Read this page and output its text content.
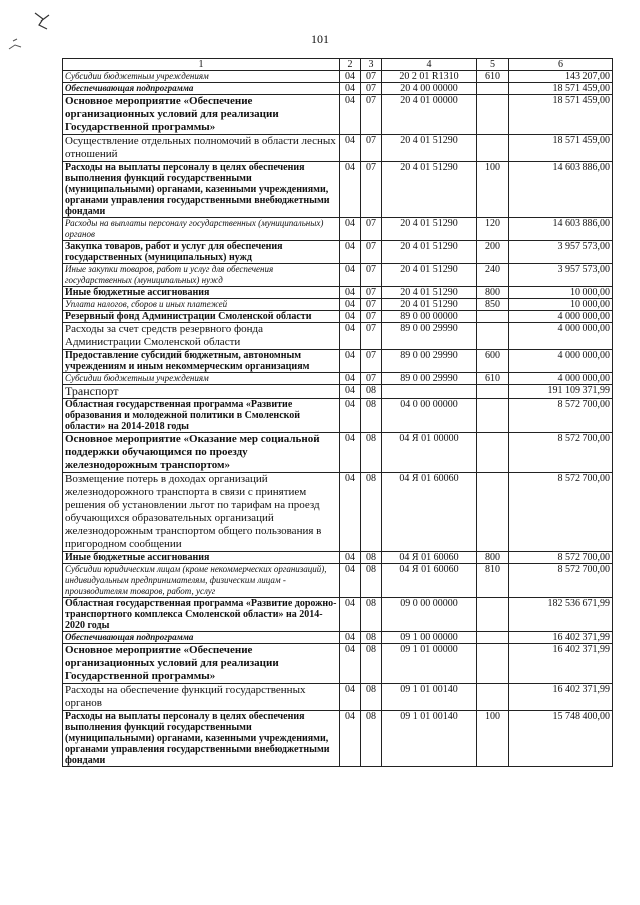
101
1	2	3	4	5	6
Субсидии бюджетным учреждениям	04	07	20 2 01 R1310	610	143 207,00
Обеспечивающая подпрограмма	04	07	20 4 00 00000		18 571 459,00
Основное мероприятие «Обеспечение организационных условий для реализации Государственной программы»	04	07	20 4 01 00000		18 571 459,00
Осуществление отдельных полномочий в области лесных отношений	04	07	20 4 01 51290		18 571 459,00
Расходы на выплаты персоналу в целях обеспечения выполнения функций государственными (муниципальными) органами, казенными учреждениями, органами управления государственными внебюджетными фондами	04	07	20 4 01 51290	100	14 603 886,00
Расходы на выплаты персоналу государственных (муниципальных) органов	04	07	20 4 01 51290	120	14 603 886,00
Закупка товаров, работ и услуг для обеспечения государственных (муниципальных) нужд	04	07	20 4 01 51290	200	3 957 573,00
Иные закупки товаров, работ и услуг для обеспечения государственных (муниципальных) нужд	04	07	20 4 01 51290	240	3 957 573,00
Иные бюджетные ассигнования	04	07	20 4 01 51290	800	10 000,00
Уплата налогов, сборов и иных платежей	04	07	20 4 01 51290	850	10 000,00
Резервный фонд Администрации Смоленской области	04	07	89 0 00 00000		4 000 000,00
Расходы за счет средств резервного фонда Администрации Смоленской области	04	07	89 0 00 29990		4 000 000,00
Предоставление субсидий бюджетным, автономным учреждениям и иным некоммерческим организациям	04	07	89 0 00 29990	600	4 000 000,00
Субсидии бюджетным учреждениям	04	07	89 0 00 29990	610	4 000 000,00
Транспорт	04	08			191 109 371,99
Областная государственная программа «Развитие образования и молодежной политики в Смоленской области» на 2014-2018 годы	04	08	04 0 00 00000		8 572 700,00
Основное мероприятие «Оказание мер социальной поддержки обучающимся по проезду железнодорожным транспортом»	04	08	04 Я 01 00000		8 572 700,00
Возмещение потерь в доходах организаций железнодорожного транспорта в связи с принятием решения об установлении льгот по тарифам на проезд обучающихся образовательных организаций железнодорожным транспортом общего пользования в пригородном сообщении	04	08	04 Я 01 60060		8 572 700,00
Иные бюджетные ассигнования	04	08	04 Я 01 60060	800	8 572 700,00
Субсидии юридическим лицам (кроме некоммерческих организаций), индивидуальным предпринимателям, физическим лицам - производителям товаров, работ, услуг	04	08	04 Я 01 60060	810	8 572 700,00
Областная государственная программа «Развитие дорожно-транспортного комплекса Смоленской области» на 2014-2020 годы	04	08	09 0 00 00000		182 536 671,99
Обеспечивающая подпрограмма	04	08	09 1 00 00000		16 402 371,99
Основное мероприятие «Обеспечение организационных условий для реализации Государственной программы»	04	08	09 1 01 00000		16 402 371,99
Расходы на обеспечение функций государственных органов	04	08	09 1 01 00140		16 402 371,99
Расходы на выплаты персоналу в целях обеспечения выполнения функций государственными (муниципальными) органами, казенными учреждениями, органами управления государственными внебюджетными фондами	04	08	09 1 01 00140	100	15 748 400,00
